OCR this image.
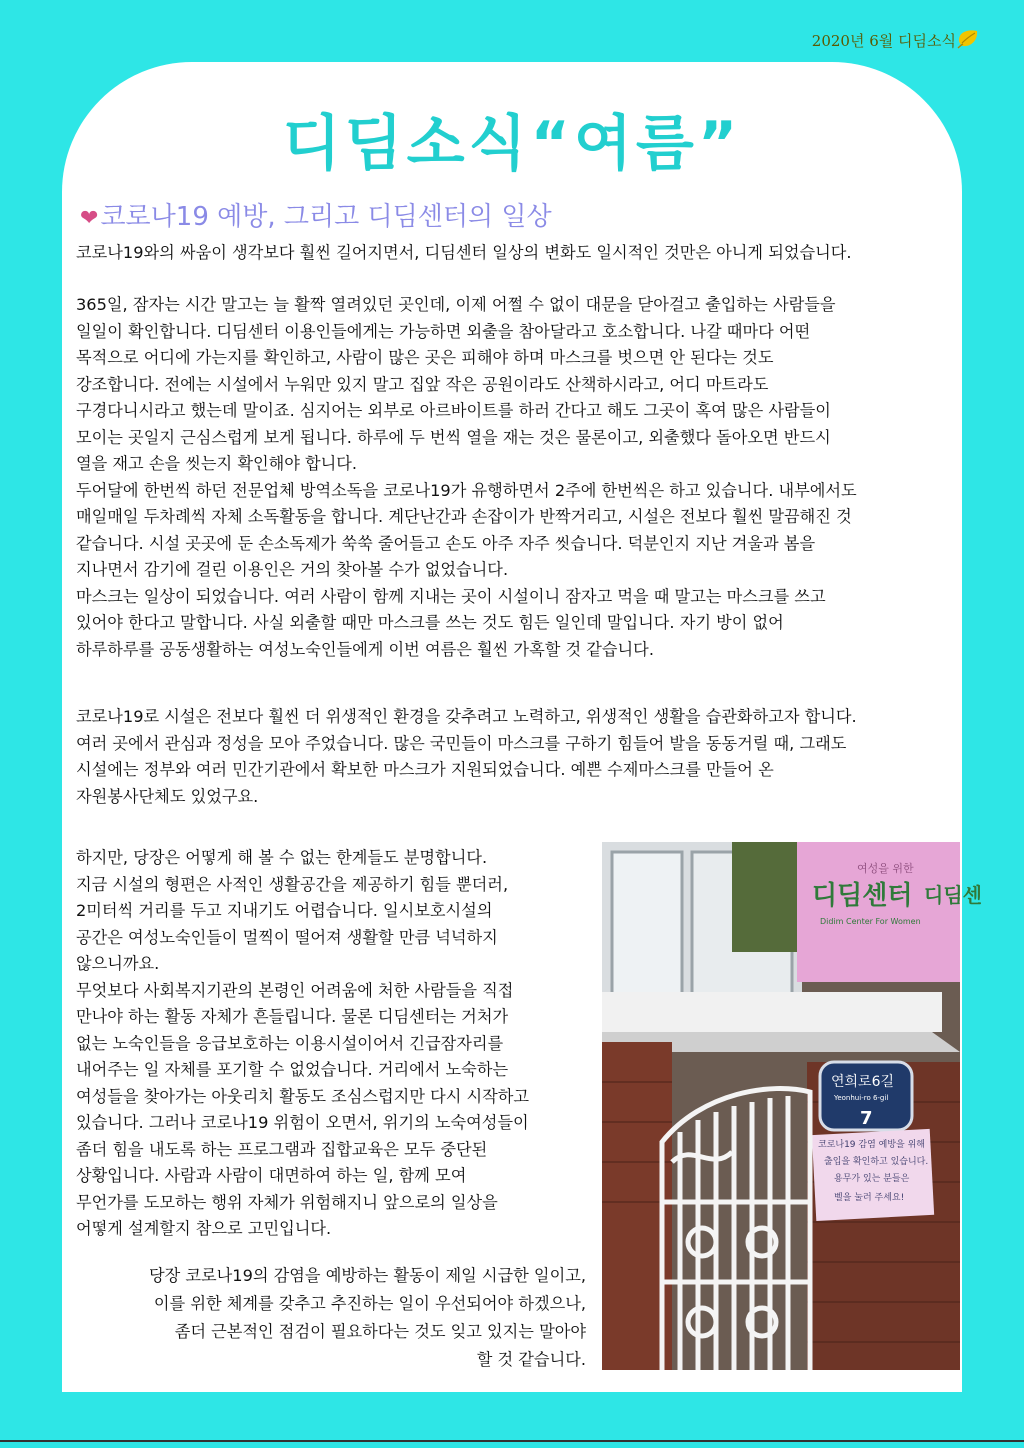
2020년 6월 디딤소식
디딤소식“여름”
❤코로나19 예방, 그리고 디딤센터의 일상
코로나19와의 싸움이 생각보다 훨씬 길어지면서, 디딤센터 일상의 변화도 일시적인 것만은 아니게 되었습니다.
365일, 잠자는 시간 말고는 늘 활짝 열려있던 곳인데, 이제 어쩔 수 없이 대문을 닫아걸고 출입하는 사람들을
일일이 확인합니다. 디딤센터 이용인들에게는 가능하면 외출을 참아달라고 호소합니다. 나갈 때마다 어떤
목적으로 어디에 가는지를 확인하고, 사람이 많은 곳은 피해야 하며 마스크를 벗으면 안 된다는 것도
강조합니다. 전에는 시설에서 누워만 있지 말고 집앞 작은 공원이라도 산책하시라고, 어디 마트라도
구경다니시라고 했는데 말이죠. 심지어는 외부로 아르바이트를 하러 간다고 해도 그곳이 혹여 많은 사람들이
모이는 곳일지 근심스럽게 보게 됩니다. 하루에 두 번씩 열을 재는 것은 물론이고, 외출했다 돌아오면 반드시
열을 재고 손을 씻는지 확인해야 합니다.
두어달에 한번씩 하던 전문업체 방역소독을 코로나19가 유행하면서 2주에 한번씩은 하고 있습니다. 내부에서도
매일매일 두차례씩 자체 소독활동을 합니다. 계단난간과 손잡이가 반짝거리고, 시설은 전보다 훨씬 말끔해진 것
같습니다. 시설 곳곳에 둔 손소독제가 쑥쑥 줄어들고 손도 아주 자주 씻습니다. 덕분인지 지난 겨울과 봄을
지나면서 감기에 걸린 이용인은 거의 찾아볼 수가 없었습니다.
마스크는 일상이 되었습니다. 여러 사람이 함께 지내는 곳이 시설이니 잠자고 먹을 때 말고는 마스크를 쓰고
있어야 한다고 말합니다. 사실 외출할 때만 마스크를 쓰는 것도 힘든 일인데 말입니다. 자기 방이 없어
하루하루를 공동생활하는 여성노숙인들에게 이번 여름은 훨씬 가혹할 것 같습니다.
코로나19로 시설은 전보다 훨씬 더 위생적인 환경을 갖추려고 노력하고, 위생적인 생활을 습관화하고자 합니다.
여러 곳에서 관심과 정성을 모아 주었습니다. 많은 국민들이 마스크를 구하기 힘들어 발을 동동거릴 때, 그래도
시설에는 정부와 여러 민간기관에서 확보한 마스크가 지원되었습니다. 예쁜 수제마스크를 만들어 온
자원봉사단체도 있었구요.
하지만, 당장은 어떻게 해 볼 수 없는 한계들도 분명합니다.
지금 시설의 형편은 사적인 생활공간을 제공하기 힘들 뿐더러,
2미터씩 거리를 두고 지내기도 어렵습니다. 일시보호시설의
공간은 여성노숙인들이 멀찍이 떨어져 생활할 만큼 넉넉하지
않으니까요.
무엇보다 사회복지기관의 본령인 어려움에 처한 사람들을 직접
만나야 하는 활동 자체가 흔들립니다. 물론 디딤센터는 거처가
없는 노숙인들을 응급보호하는 이용시설이어서 긴급잠자리를
내어주는 일 자체를 포기할 수 없었습니다. 거리에서 노숙하는
여성들을 찾아가는 아웃리치 활동도 조심스럽지만 다시 시작하고
있습니다. 그러나 코로나19 위험이 오면서, 위기의 노숙여성들이
좀더 힘을 내도록 하는 프로그램과 집합교육은 모두 중단된
상황입니다. 사람과 사람이 대면하여 하는 일, 함께 모여
무언가를 도모하는 행위 자체가 위험해지니 앞으로의 일상을
어떻게 설계할지 참으로 고민입니다.
당장 코로나19의 감염을 예방하는 활동이 제일 시급한 일이고,
이를 위한 체계를 갖추고 추진하는 일이 우선되어야 하겠으나,
좀더 근본적인 점검이 필요하다는 것도 잊고 있지는 말아야
할 것 같습니다.
여성을 위한
디딤센터
Didim Center For Women
디딤센
연희로6길
Yeonhui-ro 6-gil
7
코로나19 감염 예방을 위해
출입을 확인하고 있습니다.
용무가 있는 분들은
벨을 눌러 주세요!
